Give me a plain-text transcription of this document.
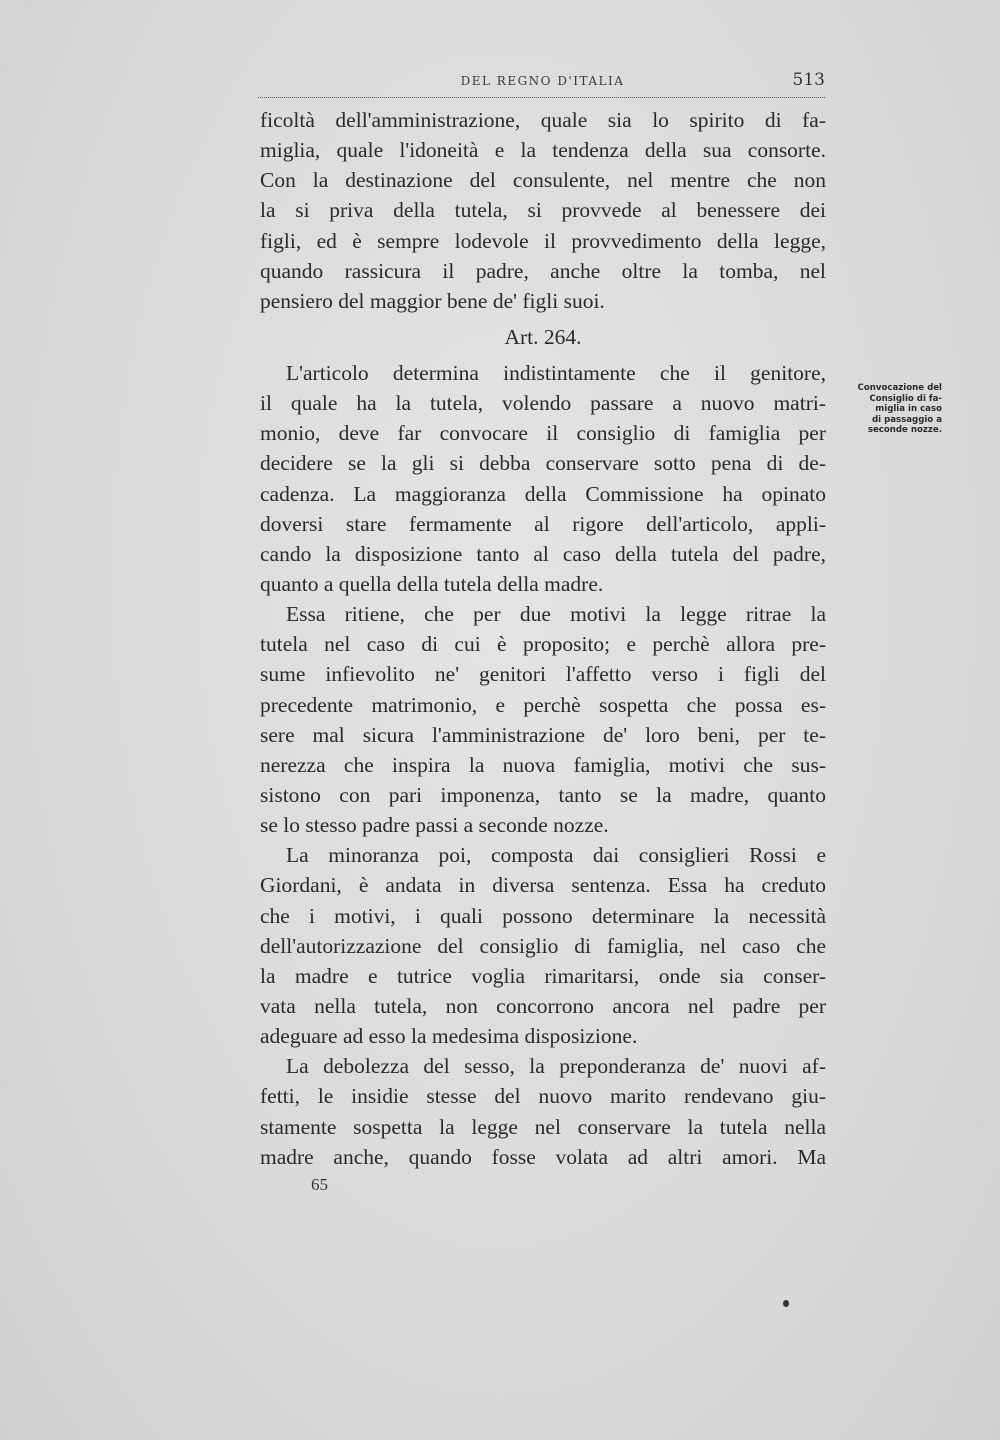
DEL REGNO D'ITALIA	513
ficoltà dell'amministrazione, quale sia lo spirito di fa-
miglia, quale l'idoneità e la tendenza della sua consorte.
Con la destinazione del consulente, nel mentre che non
la si priva della tutela, si provvede al benessere dei
figli, ed è sempre lodevole il provvedimento della legge,
quando rassicura il padre, anche oltre la tomba, nel
pensiero del maggior bene de' figli suoi.
Art. 264.
L'articolo determina indistintamente che il genitore,
il quale ha la tutela, volendo passare a nuovo matri-
monio, deve far convocare il consiglio di famiglia per
decidere se la gli si debba conservare sotto pena di de-
cadenza. La maggioranza della Commissione ha opinato
doversi stare fermamente al rigore dell'articolo, appli-
cando la disposizione tanto al caso della tutela del padre,
quanto a quella della tutela della madre.
Essa ritiene, che per due motivi la legge ritrae la
tutela nel caso di cui è proposito; e perchè allora pre-
sume infievolito ne' genitori l'affetto verso i figli del
precedente matrimonio, e perchè sospetta che possa es-
sere mal sicura l'amministrazione de' loro beni, per te-
nerezza che inspira la nuova famiglia, motivi che sus-
sistono con pari imponenza, tanto se la madre, quanto
se lo stesso padre passi a seconde nozze.
La minoranza poi, composta dai consiglieri Rossi e
Giordani, è andata in diversa sentenza. Essa ha creduto
che i motivi, i quali possono determinare la necessità
dell'autorizzazione del consiglio di famiglia, nel caso che
la madre e tutrice voglia rimaritarsi, onde sia conser-
vata nella tutela, non concorrono ancora nel padre per
adeguare ad esso la medesima disposizione.
La debolezza del sesso, la preponderanza de' nuovi af-
fetti, le insidie stesse del nuovo marito rendevano giu-
stamente sospetta la legge nel conservare la tutela nella
madre anche, quando fosse volata ad altri amori. Ma
Convocazione del
Consiglio di fa-
miglia in caso
di passaggio a
seconde nozze.
65
